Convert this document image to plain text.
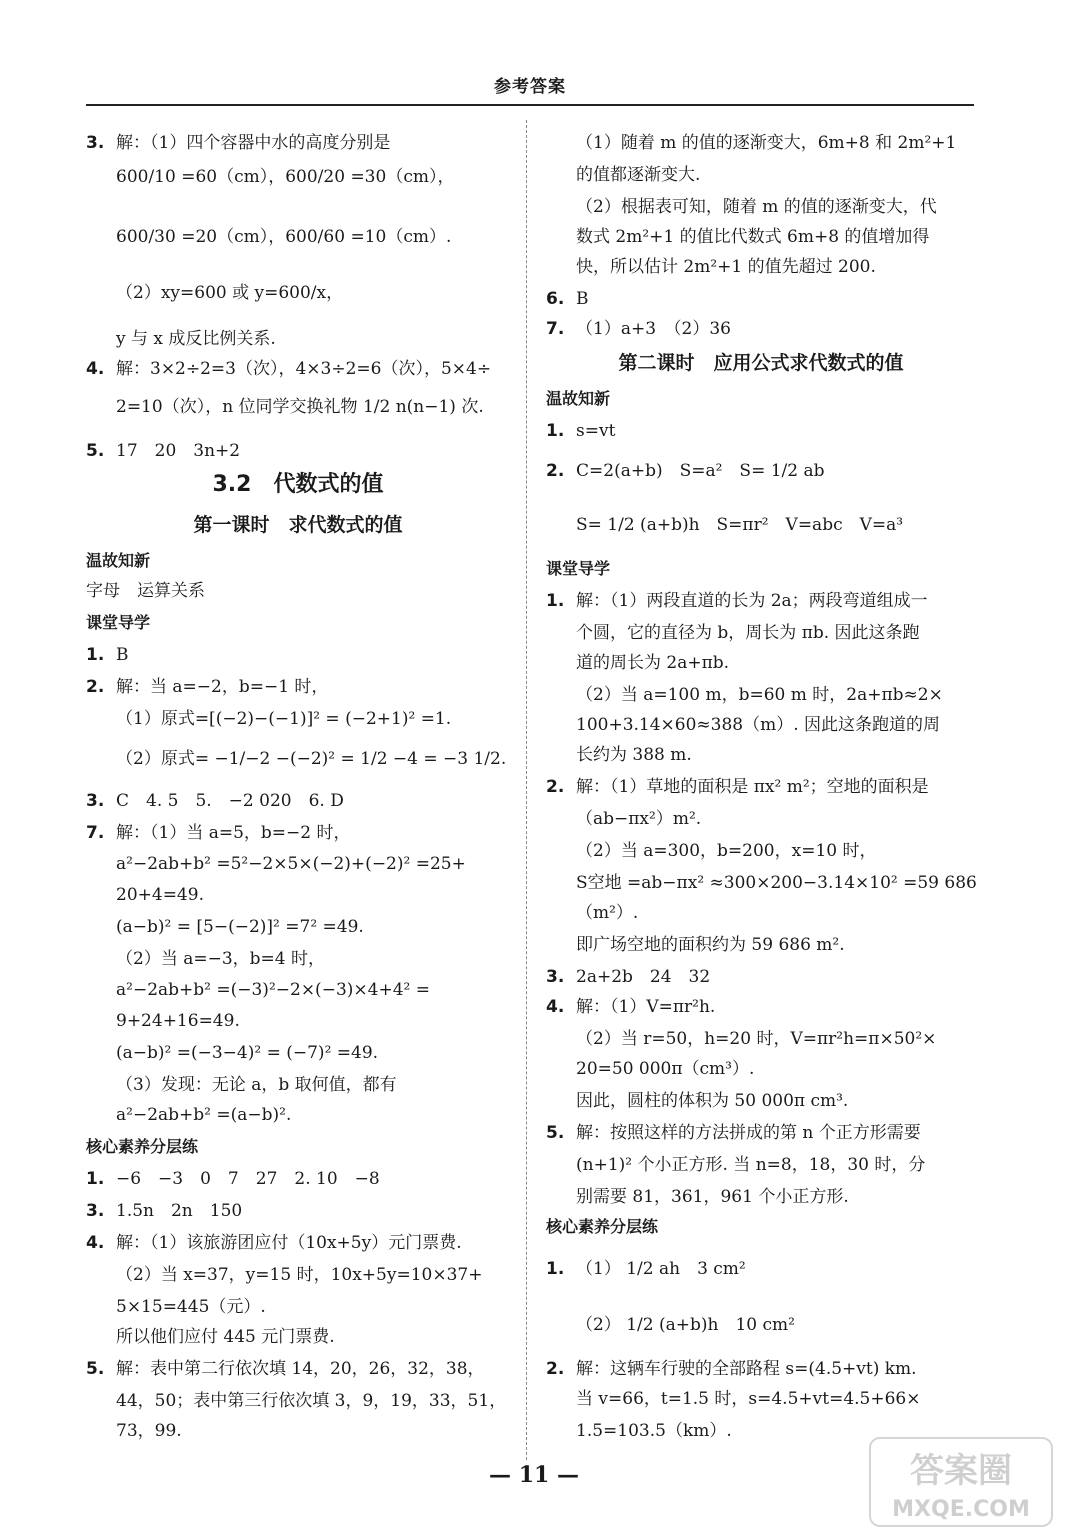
参考答案
3. 解：（1）四个容器中水的高度分别是
600/10 =60（cm），600/20 =30（cm），
600/30 =20（cm），600/60 =10（cm）.
（2）xy=600 或 y=600/x，
y 与 x 成反比例关系.
4. 解：3×2÷2=3（次），4×3÷2=6（次），5×4÷
2=10（次），n 位同学交换礼物 1/2 n(n−1) 次.
5. 17　20　3n+2
3.2　代数式的值
第一课时　求代数式的值
温故知新
字母　运算关系
课堂导学
1. B
2. 解：当 a=−2，b=−1 时，
（1）原式=[(−2)−(−1)]² = (−2+1)² =1.
（2）原式= −1/−2 −(−2)² = 1/2 −4 = −3 1/2.
3. C　4. 5　5.　−2 020　6. D
7. 解：（1）当 a=5，b=−2 时，
a²−2ab+b² =5²−2×5×(−2)+(−2)² =25+
20+4=49.
(a−b)² = [5−(−2)]² =7² =49.
（2）当 a=−3，b=4 时，
a²−2ab+b² =(−3)²−2×(−3)×4+4² =
9+24+16=49.
(a−b)² =(−3−4)² = (−7)² =49.
（3）发现：无论 a，b 取何值，都有
a²−2ab+b² =(a−b)².
核心素养分层练
1. −6　−3　0　7　27　2. 10　−8
3. 1.5n　2n　150
4. 解：（1）该旅游团应付（10x+5y）元门票费.
（2）当 x=37，y=15 时，10x+5y=10×37+
5×15=445（元）.
所以他们应付 445 元门票费.
5. 解：表中第二行依次填 14，20，26，32，38，
44，50；表中第三行依次填 3，9，19，33，51，
73，99.
（1）随着 m 的值的逐渐变大，6m+8 和 2m²+1
的值都逐渐变大.
（2）根据表可知，随着 m 的值的逐渐变大，代
数式 2m²+1 的值比代数式 6m+8 的值增加得
快，所以估计 2m²+1 的值先超过 200.
6. B
7. （1）a+3　（2）36
第二课时　应用公式求代数式的值
温故知新
1. s=vt
2. C=2(a+b)　S=a²　S= 1/2 ab
S= 1/2 (a+b)h　S=πr²　V=abc　V=a³
课堂导学
1. 解：（1）两段直道的长为 2a；两段弯道组成一
个圆，它的直径为 b，周长为 πb. 因此这条跑
道的周长为 2a+πb.
（2）当 a=100 m，b=60 m 时，2a+πb≈2×
100+3.14×60≈388（m）. 因此这条跑道的周
长约为 388 m.
2. 解：（1）草地的面积是 πx² m²；空地的面积是
（ab−πx²）m².
（2）当 a=300，b=200，x=10 时，
S空地 =ab−πx² ≈300×200−3.14×10² =59 686
（m²）.
即广场空地的面积约为 59 686 m².
3. 2a+2b　24　32
4. 解：（1）V=πr²h.
（2）当 r=50，h=20 时，V=πr²h=π×50²×
20=50 000π（cm³）.
因此，圆柱的体积为 50 000π cm³.
5. 解：按照这样的方法拼成的第 n 个正方形需要
(n+1)² 个小正方形. 当 n=8，18，30 时，分
别需要 81，361，961 个小正方形.
核心素养分层练
1. （1） 1/2 ah　3 cm²
（2） 1/2 (a+b)h　10 cm²
2. 解：这辆车行驶的全部路程 s=(4.5+vt) km.
当 v=66，t=1.5 时，s=4.5+vt=4.5+66×
1.5=103.5（km）.
— 11 —	答案圈
MXQE.COM
